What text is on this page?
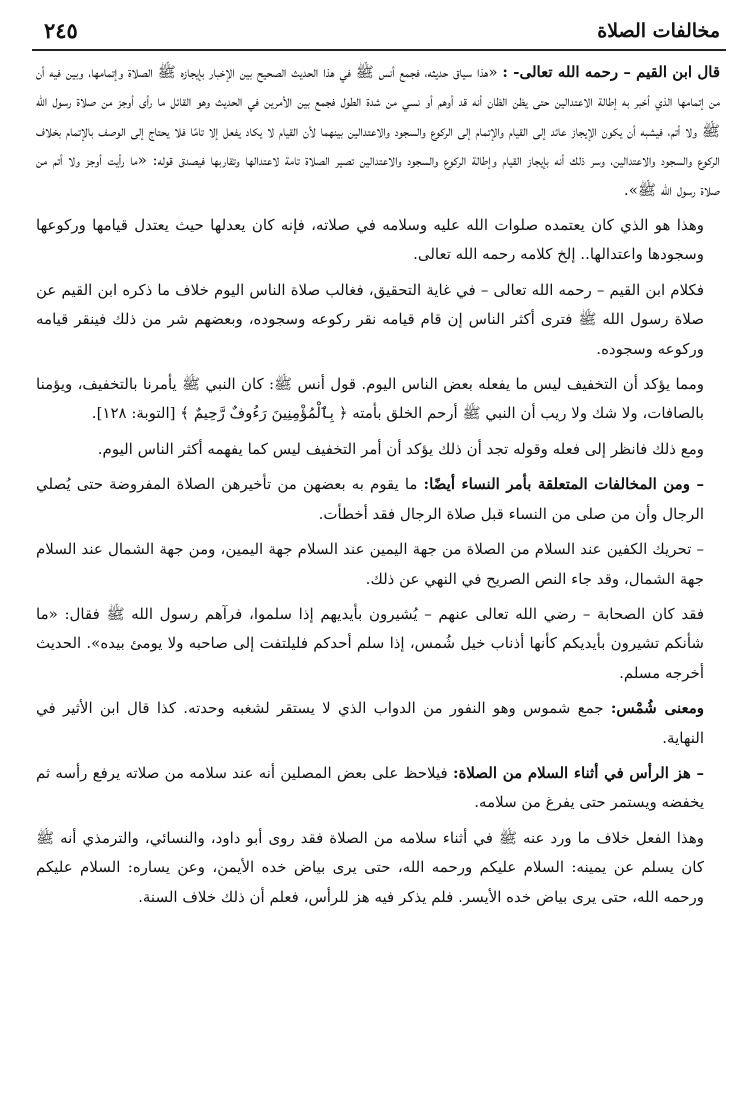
مخالفات الصلاة
٢٤٥

قال ابن القيم – رحمه الله تعالى- : «هذا سياق حديثه، فجمع أنس ﷺ في هذا الحديث الصحيح بين الإخبار بإيجازه ﷺ الصلاة وإتمامها، وبين فيه أن من إتمامها الذي أخبر به إطالة الاعتدالين حتى يظن الظان أنه قد أوهم أو نسي من شدة الطول فجمع بين الأمرين في الحديث وهو القائل ما رأى أوجز من صلاة رسول الله ﷺ ولا أتم، فيشبه أن يكون الإيجاز عائد إلى القيام والإتمام إلى الركوع والسجود والاعتدالين بينهما لأن القيام لا يكاد يفعل إلا تامًا فلا يحتاج إلى الوصف بالإتمام بخلاف الركوع والسجود والاعتدالين، وسر ذلك أنه بإيجاز القيام وإطالة الركوع والسجود والاعتدالين تصير الصلاة تامة لاعتدالها وتقاربها فيصدق قوله: «ما رأيت أوجز ولا أتم من صلاة رسول الله ﷺ».

وهذا هو الذي كان يعتمده صلوات الله عليه وسلامه في صلاته، فإنه كان يعدلها حيث يعتدل قيامها وركوعها وسجودها واعتدالها.. إلخ كلامه رحمه الله تعالى.

فكلام ابن القيم – رحمه الله تعالى – في غاية التحقيق، فغالب صلاة الناس اليوم خلاف ما ذكره ابن القيم عن صلاة رسول الله ﷺ فترى أكثر الناس إن قام قيامه نقر ركوعه وسجوده، وبعضهم شر من ذلك فينقر قيامه وركوعه وسجوده.

ومما يؤكد أن التخفيف ليس ما يفعله بعض الناس اليوم. قول أنس ﷺ: كان النبي ﷺ يأمرنا بالتخفيف، ويؤمنا بالصافات، ولا شك ولا ريب أن النبي ﷺ أرحم الخلق بأمته ﴿ بِٱلْمُؤْمِنِينَ رَءُوفٌ رَّحِيمٌ ﴾ [التوبة: ١٢٨].

ومع ذلك فانظر إلى فعله وقوله تجد أن ذلك يؤكد أن أمر التخفيف ليس كما يفهمه أكثر الناس اليوم.

– ومن المخالفات المتعلقة بأمر النساء أيضًا: ما يقوم به بعضهن من تأخيرهن الصلاة المفروضة حتى يُصلي الرجال وأن من صلى من النساء قبل صلاة الرجال فقد أخطأت.

– تحريك الكفين عند السلام من الصلاة من جهة اليمين عند السلام جهة اليمين، ومن جهة الشمال عند السلام جهة الشمال، وقد جاء النص الصريح في النهي عن ذلك.

فقد كان الصحابة – رضي الله تعالى عنهم – يُشيرون بأيديهم إذا سلموا، فرآهم رسول الله ﷺ فقال: «ما شأنكم تشيرون بأيديكم كأنها أذناب خيل شُمس، إذا سلم أحدكم فليلتفت إلى صاحبه ولا يومئ بيده». الحديث أخرجه مسلم.

ومعنى شُمْس: جمع شموس وهو النفور من الدواب الذي لا يستقر لشغبه وحدته. كذا قال ابن الأثير في النهاية.

– هز الرأس في أثناء السلام من الصلاة: فيلاحظ على بعض المصلين أنه عند سلامه من صلاته يرفع رأسه ثم يخفضه ويستمر حتى يفرغ من سلامه.

وهذا الفعل خلاف ما ورد عنه ﷺ في أثناء سلامه من الصلاة فقد روى أبو داود، والنسائي، والترمذي أنه ﷺ كان يسلم عن يمينه: السلام عليكم ورحمه الله، حتى يرى بياض خده الأيمن، وعن يساره: السلام عليكم ورحمه الله، حتى يرى بياض خده الأيسر. فلم يذكر فيه هز للرأس، فعلم أن ذلك خلاف السنة.
